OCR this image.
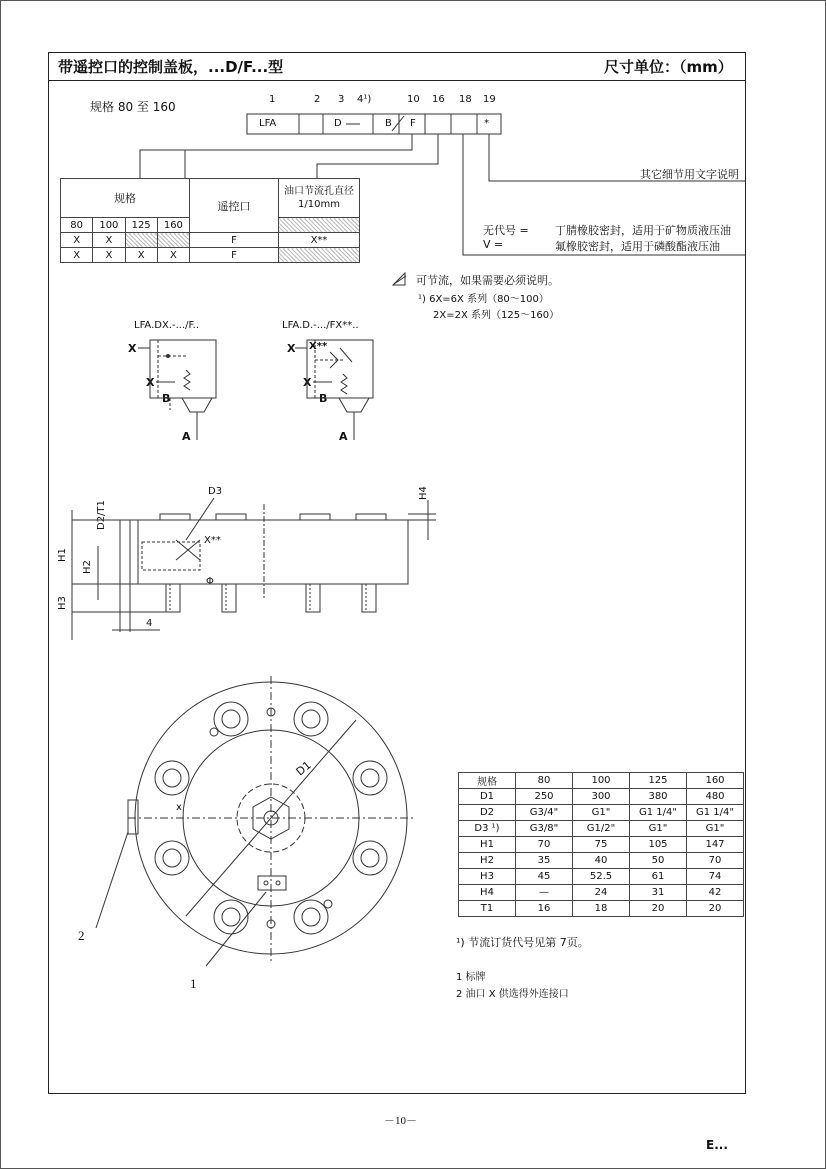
带遥控口的控制盖板，...D/F...型	尺寸单位：（mm）
规格 80 至 160
1	2 3 4¹)	10 16 18 19
LFA	D	B F	*
其它细节用文字说明
无代号 = 丁腈橡胶密封，适用于矿物质液压油
V =	氟橡胶密封，适用于磷酸酯液压油
规格				遥控口	油口节流孔直径
1/10mm
80	100	125	160		
X	X			F	X**
X	X	X	X	F	
可节流，如果需要必须说明。
¹) 6X=6X 系列（80～100）
2X=2X 系列（125～160）
LFA.DX.-.../F..	LFA.D.-.../FX**..
X
X
B
A
X
X
B
A
X**
D2/T1
D3	H4
H1
H2
H3
4
X**
Φ
D1
x
1
2
规格	80	100	125	160
D1	250	300	380	480
D2	G3/4"	G1"	G1 1/4"	G1 1/4"
D3 ¹)	G3/8"	G1/2"	G1"	G1"
H1	70	75	105	147
H2	35	40	50	70
H3	45	52.5	61	74
H4	—	24	31	42
T1	16	18	20	20
¹) 节流订货代号见第 7页。
1 标牌
2 油口 X 供选得外连接口
－10－
E...
